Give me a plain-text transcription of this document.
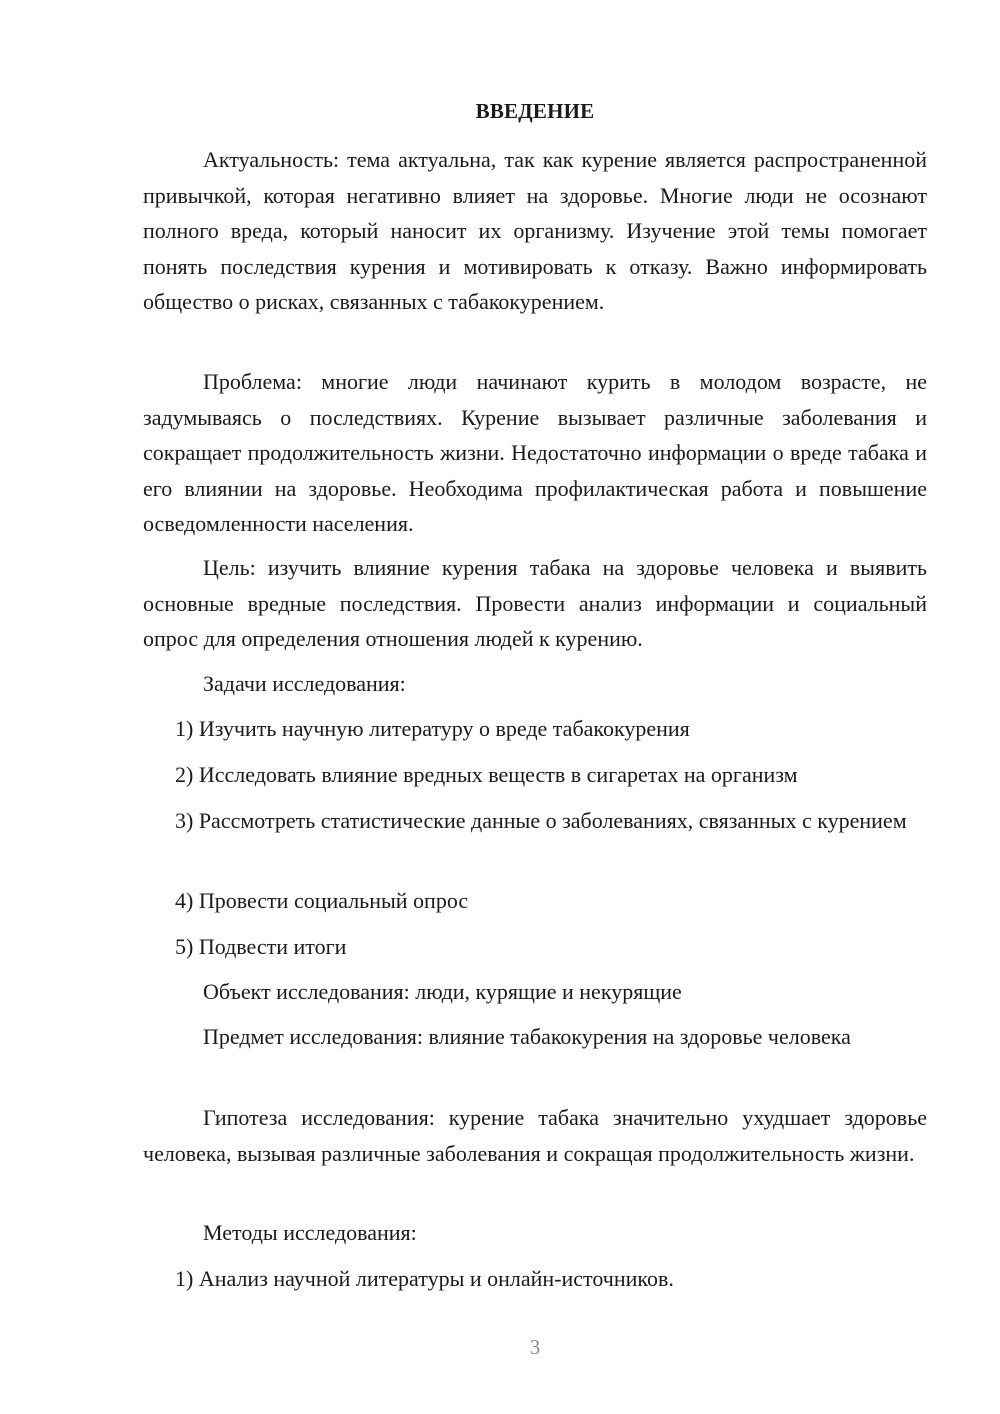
ВВЕДЕНИЕ

Актуальность: тема актуальна, так как курение является распространенной привычкой, которая негативно влияет на здоровье. Многие люди не осознают полного вреда, который наносит их организму. Изучение этой темы помогает понять последствия курения и мотивировать к отказу. Важно информировать общество о рисках, связанных с табакокурением.

Проблема: многие люди начинают курить в молодом возрасте, не задумываясь о последствиях. Курение вызывает различные заболевания и сокращает продолжительность жизни. Недостаточно информации о вреде табака и его влиянии на здоровье. Необходима профилактическая работа и повышение осведомленности населения.

Цель: изучить влияние курения табака на здоровье человека и выявить основные вредные последствия. Провести анализ информации и социальный опрос для определения отношения людей к курению.

Задачи исследования:

1) Изучить научную литературу о вреде табакокурения

2) Исследовать влияние вредных веществ в сигаретах на организм

3) Рассмотреть статистические данные о заболеваниях, связанных с курением

4) Провести социальный опрос

5) Подвести итоги

Объект исследования: люди, курящие и некурящие

Предмет исследования: влияние табакокурения на здоровье человека

Гипотеза исследования: курение табака значительно ухудшает здоровье человека, вызывая различные заболевания и сокращая продолжительность жизни.

Методы исследования:

1) Анализ научной литературы и онлайн-источников.

3
